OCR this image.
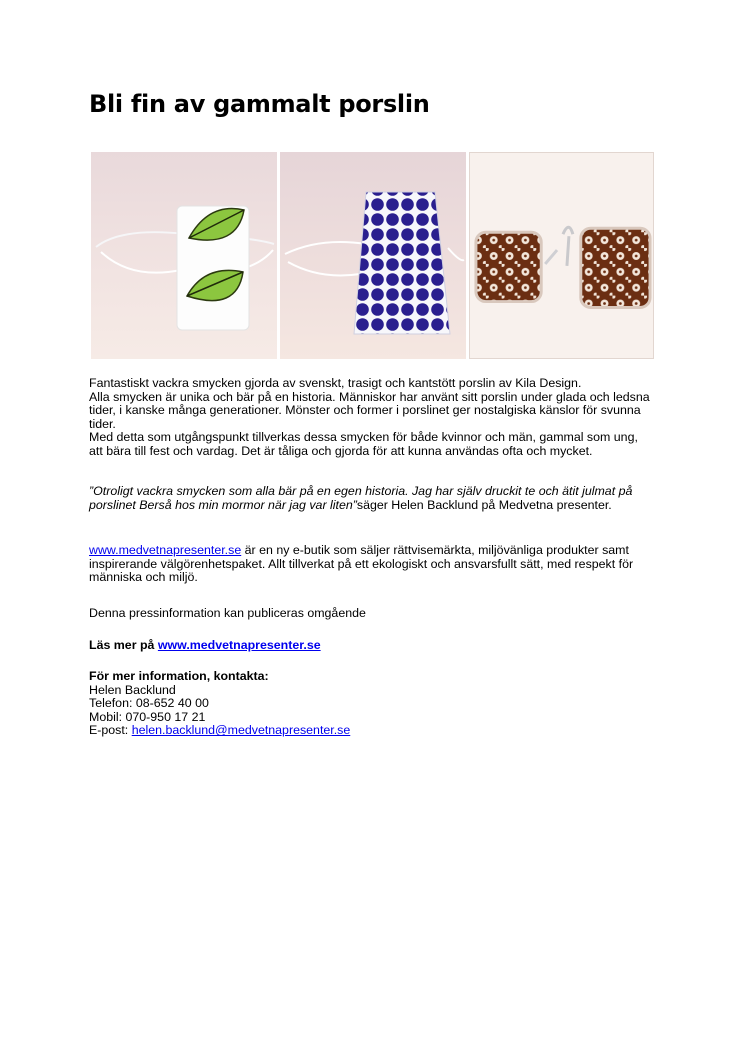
Bli fin av gammalt porslin
Fantastiskt vackra smycken gjorda av svenskt, trasigt och kantstött porslin av Kila Design.
Alla smycken är unika och bär på en historia. Människor har använt sitt porslin under glada och ledsna
tider, i kanske många generationer. Mönster och former i porslinet ger nostalgiska känslor för svunna
tider.
Med detta som utgångspunkt tillverkas dessa smycken för både kvinnor och män, gammal som ung,
att bära till fest och vardag. Det är tåliga och gjorda för att kunna användas ofta och mycket.
”Otroligt vackra smycken som alla bär på en egen historia. Jag har själv druckit te och ätit julmat på
porslinet Berså hos min mormor när jag var liten”säger Helen Backlund på Medvetna presenter.
www.medvetnapresenter.se är en ny e-butik som säljer rättvisemärkta, miljövänliga produkter samt
inspirerande välgörenhetspaket. Allt tillverkat på ett ekologiskt och ansvarsfullt sätt, med respekt för
människa och miljö.
Denna pressinformation kan publiceras omgående
Läs mer på www.medvetnapresenter.se
För mer information, kontakta:
Helen Backlund
Telefon: 08-652 40 00
Mobil: 070-950 17 21
E-post: helen.backlund@medvetnapresenter.se
